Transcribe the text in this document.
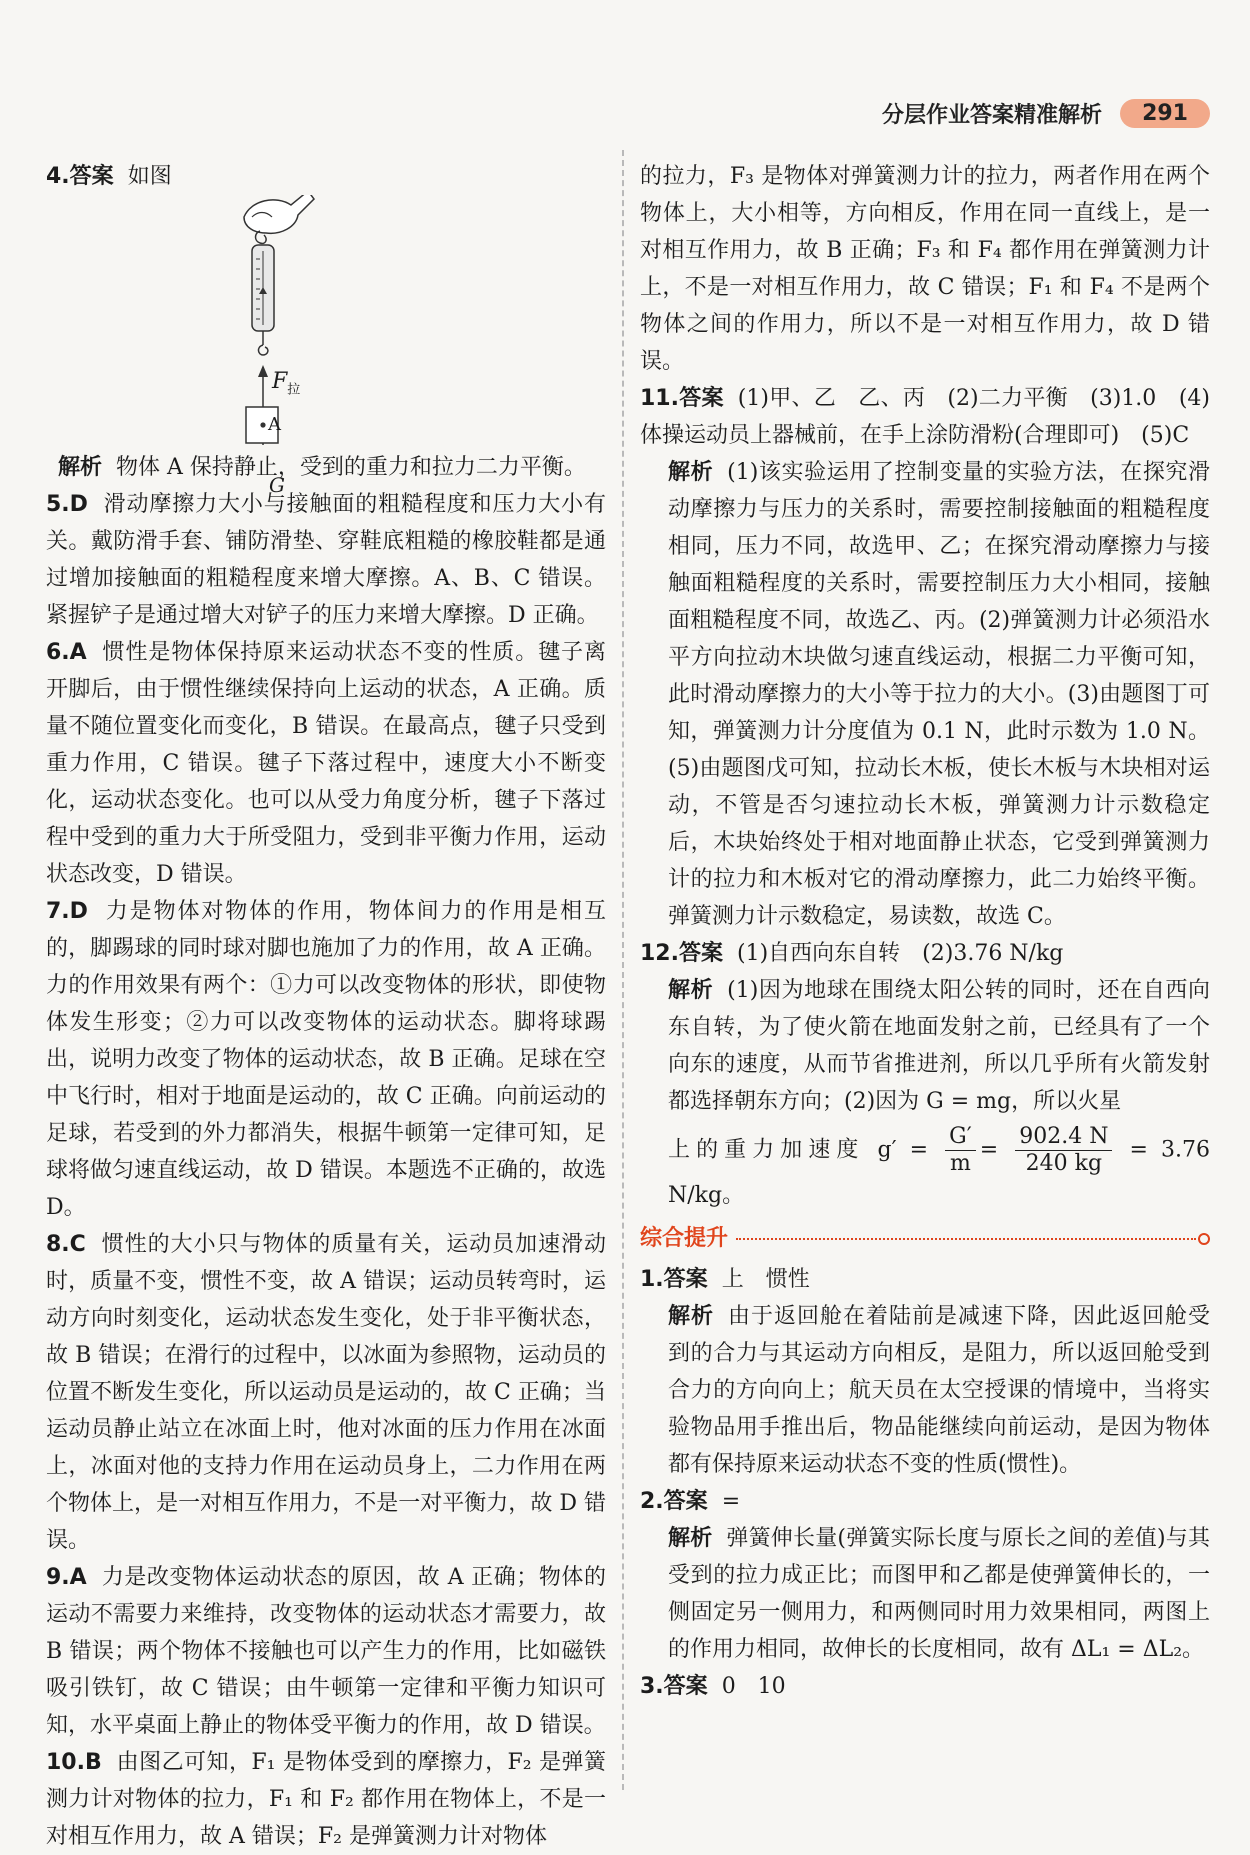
分层作业答案精准解析	291

4.答案 如图

$F_拉$
A

G

解析 物体 A 保持静止，受到的重力和拉力二力平衡。

5.D 滑动摩擦力大小与接触面的粗糙程度和压力大小有关。戴防滑手套、铺防滑垫、穿鞋底粗糙的橡胶鞋都是通过增加接触面的粗糙程度来增大摩擦。A、B、C 错误。紧握铲子是通过增大对铲子的压力来增大摩擦。D 正确。

6.A 惯性是物体保持原来运动状态不变的性质。毽子离开脚后，由于惯性继续保持向上运动的状态，A 正确。质量不随位置变化而变化，B 错误。在最高点，毽子只受到重力作用，C 错误。毽子下落过程中，速度大小不断变化，运动状态变化。也可以从受力角度分析，毽子下落过程中受到的重力大于所受阻力，受到非平衡力作用，运动状态改变，D 错误。

7.D 力是物体对物体的作用，物体间力的作用是相互的，脚踢球的同时球对脚也施加了力的作用，故 A 正确。力的作用效果有两个：①力可以改变物体的形状，即使物体发生形变；②力可以改变物体的运动状态。脚将球踢出，说明力改变了物体的运动状态，故 B 正确。足球在空中飞行时，相对于地面是运动的，故 C 正确。向前运动的足球，若受到的外力都消失，根据牛顿第一定律可知，足球将做匀速直线运动，故 D 错误。本题选不正确的，故选 D。

8.C 惯性的大小只与物体的质量有关，运动员加速滑动时，质量不变，惯性不变，故 A 错误；运动员转弯时，运动方向时刻变化，运动状态发生变化，处于非平衡状态，故 B 错误；在滑行的过程中，以冰面为参照物，运动员的位置不断发生变化，所以运动员是运动的，故 C 正确；当运动员静止站立在冰面上时，他对冰面的压力作用在冰面上，冰面对他的支持力作用在运动员身上，二力作用在两个物体上，是一对相互作用力，不是一对平衡力，故 D 错误。

9.A 力是改变物体运动状态的原因，故 A 正确；物体的运动不需要力来维持，改变物体的运动状态才需要力，故 B 错误；两个物体不接触也可以产生力的作用，比如磁铁吸引铁钉，故 C 错误；由牛顿第一定律和平衡力知识可知，水平桌面上静止的物体受平衡力的作用，故 D 错误。

10.B 由图乙可知，F₁ 是物体受到的摩擦力，F₂ 是弹簧测力计对物体的拉力，F₁ 和 F₂ 都作用在物体上，不是一对相互作用力，故 A 错误；F₂ 是弹簧测力计对物体

的拉力，F₃ 是物体对弹簧测力计的拉力，两者作用在两个物体上，大小相等，方向相反，作用在同一直线上，是一对相互作用力，故 B 正确；F₃ 和 F₄ 都作用在弹簧测力计上，不是一对相互作用力，故 C 错误；F₁ 和 F₄ 不是两个物体之间的作用力，所以不是一对相互作用力，故 D 错误。

11.答案 (1)甲、乙　乙、丙　(2)二力平衡　(3)1.0　(4)体操运动员上器械前，在手上涂防滑粉(合理即可)　(5)C

解析 (1)该实验运用了控制变量的实验方法，在探究滑动摩擦力与压力的关系时，需要控制接触面的粗糙程度相同，压力不同，故选甲、乙；在探究滑动摩擦力与接触面粗糙程度的关系时，需要控制压力大小相同，接触面粗糙程度不同，故选乙、丙。(2)弹簧测力计必须沿水平方向拉动木块做匀速直线运动，根据二力平衡可知，此时滑动摩擦力的大小等于拉力的大小。(3)由题图丁可知，弹簧测力计分度值为 0.1 N，此时示数为 1.0 N。(5)由题图戊可知，拉动长木板，使长木板与木块相对运动，不管是否匀速拉动长木板，弹簧测力计示数稳定后，木块始终处于相对地面静止状态，它受到弹簧测力计的拉力和木板对它的滑动摩擦力，此二力始终平衡。弹簧测力计示数稳定，易读数，故选 C。

12.答案 (1)自西向东自转　(2)3.76 N/kg

解析 (1)因为地球在围绕太阳公转的同时，还在自西向东自转，为了使火箭在地面发射之前，已经具有了一个向东的速度，从而节省推进剂，所以几乎所有火箭发射都选择朝东方向；(2)因为 G = mg，所以火星

上的重力加速度 $g' = \frac{G'}{m} = \frac{902.4 N}{240 kg} = 3.76$ N/kg。

综合提升

1.答案 上　惯性

解析 由于返回舱在着陆前是减速下降，因此返回舱受到的合力与其运动方向相反，是阻力，所以返回舱受到合力的方向向上；航天员在太空授课的情境中，当将实验物品用手推出后，物品能继续向前运动，是因为物体都有保持原来运动状态不变的性质(惯性)。

2.答案 =

解析 弹簧伸长量(弹簧实际长度与原长之间的差值)与其受到的拉力成正比；而图甲和乙都是使弹簧伸长的，一侧固定另一侧用力，和两侧同时用力效果相同，两图上的作用力相同，故伸长的长度相同，故有 ΔL₁ = ΔL₂。

3.答案 0　10
